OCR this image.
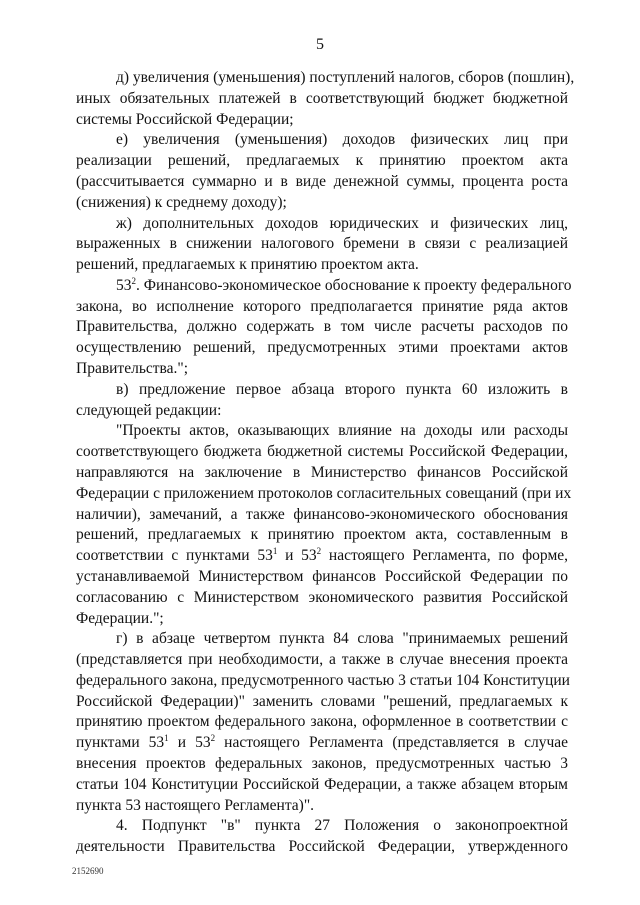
5
д) увеличения (уменьшения) поступлений налогов, сборов (пошлин),
иных обязательных платежей в соответствующий бюджет бюджетной
системы Российской Федерации;
е) увеличения (уменьшения) доходов физических лиц при
реализации решений, предлагаемых к принятию проектом акта
(рассчитывается суммарно и в виде денежной суммы, процента роста
(снижения) к среднему доходу);
ж) дополнительных доходов юридических и физических лиц,
выраженных в снижении налогового бремени в связи с реализацией
решений, предлагаемых к принятию проектом акта.
$53^2$. Финансово-экономическое обоснование к проекту федерального
закона, во исполнение которого предполагается принятие ряда актов
Правительства, должно содержать в том числе расчеты расходов по
осуществлению решений, предусмотренных этими проектами актов
Правительства.";
в) предложение первое абзаца второго пункта 60 изложить в
следующей редакции:
"Проекты актов, оказывающих влияние на доходы или расходы
соответствующего бюджета бюджетной системы Российской Федерации,
направляются на заключение в Министерство финансов Российской
Федерации с приложением протоколов согласительных совещаний (при их
наличии), замечаний, а также финансово-экономического обоснования
решений, предлагаемых к принятию проектом акта, составленным в
соответствии с пунктами $53^1$ и $53^2$ настоящего Регламента, по форме,
устанавливаемой Министерством финансов Российской Федерации по
согласованию с Министерством экономического развития Российской
Федерации.";
г) в абзаце четвертом пункта 84 слова "принимаемых решений
(представляется при необходимости, а также в случае внесения проекта
федерального закона, предусмотренного частью 3 статьи 104 Конституции
Российской Федерации)" заменить словами "решений, предлагаемых к
принятию проектом федерального закона, оформленное в соответствии с
пунктами $53^1$ и $53^2$ настоящего Регламента (представляется в случае
внесения проектов федеральных законов, предусмотренных частью 3
статьи 104 Конституции Российской Федерации, а также абзацем вторым
пункта 53 настоящего Регламента)".
2152690
4. Подпункт "в" пункта 27 Положения о законопроектной
деятельности Правительства Российской Федерации, утвержденного
